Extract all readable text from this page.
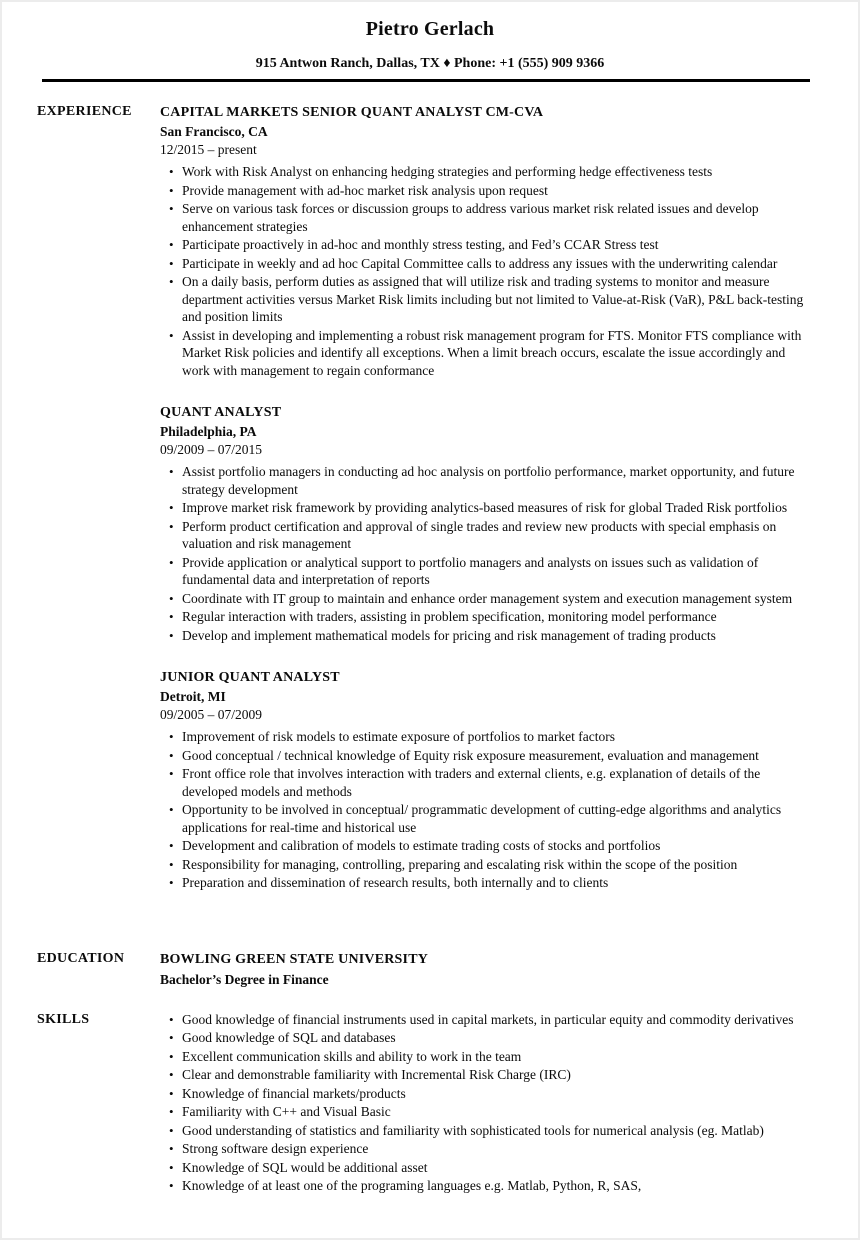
Pietro Gerlach
915 Antwon Ranch, Dallas, TX ♦ Phone: +1 (555) 909 9366
EXPERIENCE	CAPITAL MARKETS SENIOR QUANT ANALYST CM-CVA
San Francisco, CA
12/2015 – present
• Work with Risk Analyst on enhancing hedging strategies and performing hedge effectiveness tests
• Provide management with ad-hoc market risk analysis upon request
• Serve on various task forces or discussion groups to address various market risk related issues and develop enhancement strategies
• Participate proactively in ad-hoc and monthly stress testing, and Fed’s CCAR Stress test
• Participate in weekly and ad hoc Capital Committee calls to address any issues with the underwriting calendar
• On a daily basis, perform duties as assigned that will utilize risk and trading systems to monitor and measure department activities versus Market Risk limits including but not limited to Value-at-Risk (VaR), P&L back-testing and position limits
• Assist in developing and implementing a robust risk management program for FTS. Monitor FTS compliance with Market Risk policies and identify all exceptions. When a limit breach occurs, escalate the issue accordingly and work with management to regain conformance
QUANT ANALYST
Philadelphia, PA
09/2009 – 07/2015
• Assist portfolio managers in conducting ad hoc analysis on portfolio performance, market opportunity, and future strategy development
• Improve market risk framework by providing analytics-based measures of risk for global Traded Risk portfolios
• Perform product certification and approval of single trades and review new products with special emphasis on valuation and risk management
• Provide application or analytical support to portfolio managers and analysts on issues such as validation of fundamental data and interpretation of reports
• Coordinate with IT group to maintain and enhance order management system and execution management system
• Regular interaction with traders, assisting in problem specification, monitoring model performance
• Develop and implement mathematical models for pricing and risk management of trading products
JUNIOR QUANT ANALYST
Detroit, MI
09/2005 – 07/2009
• Improvement of risk models to estimate exposure of portfolios to market factors
• Good conceptual / technical knowledge of Equity risk exposure measurement, evaluation and management
• Front office role that involves interaction with traders and external clients, e.g. explanation of details of the developed models and methods
• Opportunity to be involved in conceptual/ programmatic development of cutting-edge algorithms and analytics applications for real-time and historical use
• Development and calibration of models to estimate trading costs of stocks and portfolios
• Responsibility for managing, controlling, preparing and escalating risk within the scope of the position
• Preparation and dissemination of research results, both internally and to clients
EDUCATION	BOWLING GREEN STATE UNIVERSITY
Bachelor’s Degree in Finance
SKILLS	• Good knowledge of financial instruments used in capital markets, in particular equity and commodity derivatives
• Good knowledge of SQL and databases
• Excellent communication skills and ability to work in the team
• Clear and demonstrable familiarity with Incremental Risk Charge (IRC)
• Knowledge of financial markets/products
• Familiarity with C++ and Visual Basic
• Good understanding of statistics and familiarity with sophisticated tools for numerical analysis (eg. Matlab)
• Strong software design experience
• Knowledge of SQL would be additional asset
• Knowledge of at least one of the programing languages e.g. Matlab, Python, R, SAS,
